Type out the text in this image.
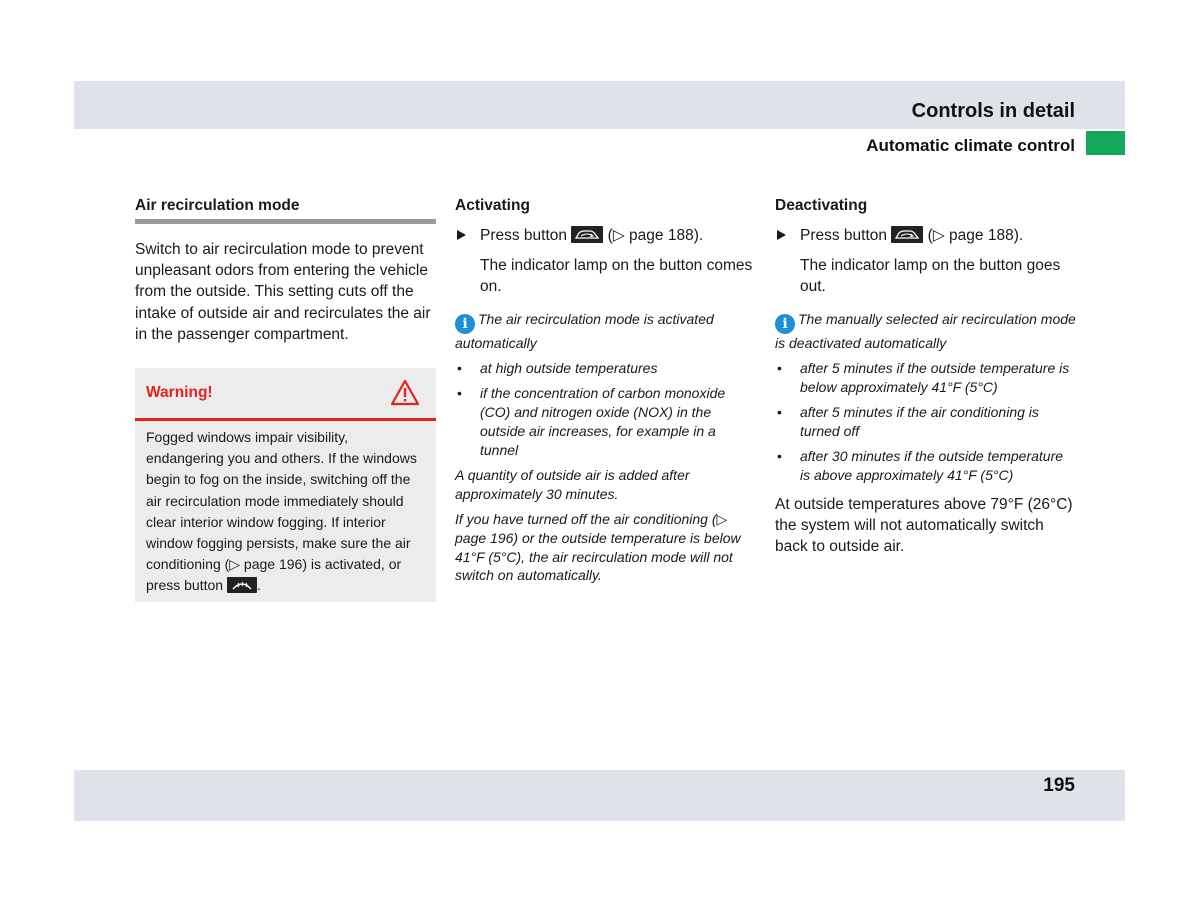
Controls in detail
Automatic climate control
Air recirculation mode

Switch to air recirculation mode to prevent unpleasant odors from entering the vehicle from the outside. This setting cuts off the intake of outside air and recirculates the air in the passenger compartment.

Warning!

Fogged windows impair visibility, endangering you and others. If the windows begin to fog on the inside, switching off the air recirculation mode immediately should clear interior window fogging. If interior window fogging persists, make sure the air conditioning (▷ page 196) is activated, or press button .

Activating
Press button	(▷ page 188).

The indicator lamp on the button comes on.

i The air recirculation mode is activated automatically

• at high outside temperatures
• if the concentration of carbon monoxide (CO) and nitrogen oxide (NOX) in the outside air increases, for example in a tunnel

A quantity of outside air is added after approximately 30 minutes.

If you have turned off the air conditioning (▷ page 196) or the outside temperature is below 41°F (5°C), the air recirculation mode will not switch on automatically.

Deactivating
Press button	(▷ page 188).

The indicator lamp on the button goes out.

i The manually selected air recirculation mode is deactivated automatically

• after 5 minutes if the outside temperature is below approximately 41°F (5°C)
• after 5 minutes if the air conditioning is turned off
• after 30 minutes if the outside temperature is above approximately 41°F (5°C)

At outside temperatures above 79°F (26°C) the system will not automatically switch back to outside air.

195
